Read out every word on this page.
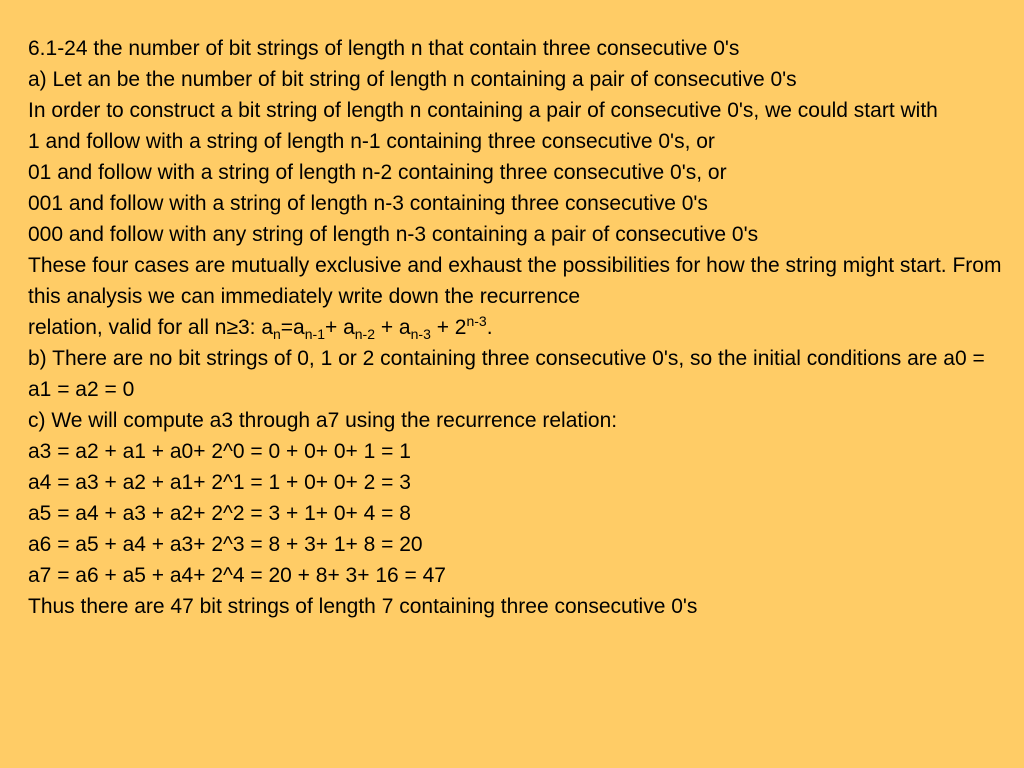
6.1-24 the number of bit strings of length n that contain three consecutive 0's
a) Let an be the number of bit string of length n containing a pair of consecutive 0's
In order to construct a bit string of length n containing a pair of consecutive 0's, we could start with
1 and follow with a string of length n-1 containing three consecutive 0's, or
01 and follow with a string of length n-2 containing three consecutive 0's, or
001 and follow with a string of length n-3 containing three consecutive 0's
000 and follow with any string of length n-3 containing a pair of consecutive 0's
These four cases are mutually exclusive and exhaust the possibilities for how the string might start. From this analysis we can immediately write down the recurrence
relation, valid for all n≥3: $a_n=a_{n-1}+ a_{n-2} + a_{n-3} + 2^{n-3}$.
b) There are no bit strings of 0, 1 or 2 containing three consecutive 0's, so the initial conditions are a0 = a1 = a2 = 0
c) We will compute a3 through a7 using the recurrence relation:
a3 = a2 + a1 + a0+ 2^0 = 0 + 0+ 0+ 1 = 1
a4 = a3 + a2 + a1+ 2^1 = 1 + 0+ 0+ 2 = 3
a5 = a4 + a3 + a2+ 2^2 = 3 + 1+ 0+ 4 = 8
a6 = a5 + a4 + a3+ 2^3 = 8 + 3+ 1+ 8 = 20
a7 = a6 + a5 + a4+ 2^4 = 20 + 8+ 3+ 16 = 47
Thus there are 47 bit strings of length 7 containing three consecutive 0's
